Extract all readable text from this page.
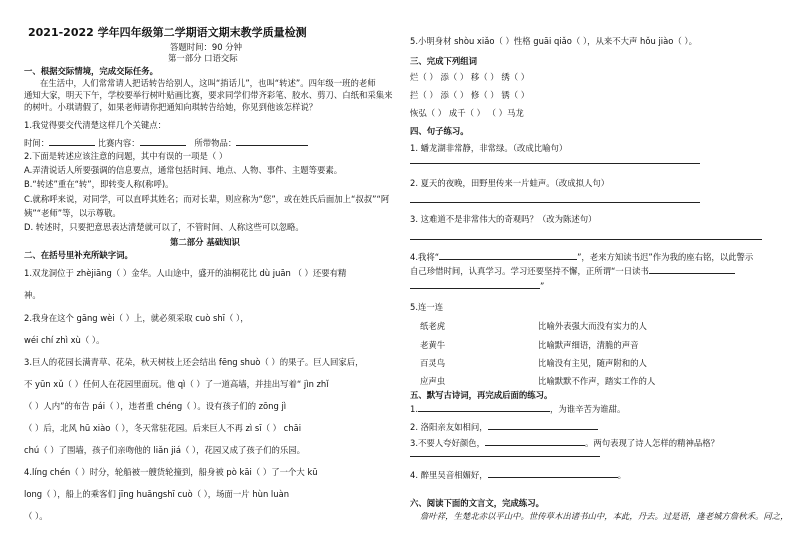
2021-2022 学年四年级第二学期语文期末教学质量检测
答题时间：90 分钟
第一部分 口语交际
一、根据交际情境，完成交际任务。
在生活中，人们常常请人把话转告给别人，这叫“捎话儿”，也叫“转述”。四年级一班的老师
通知大家，明天下午，学校要举行树叶贴画比赛，要求同学们带齐彩笔、胶水、剪刀、白纸和采集来
的树叶。小琪请假了，如果老师请你把通知向琪转告给她，你见到他该怎样说？
1.我觉得要交代清楚这样几个关键点：
时间：	比赛内容：	所带物品：
2.下面是转述应该注意的问题，其中有误的一项是（ ）
A.弄清说话人所要强调的信息要点，通常包括时间、地点、人物、事件、主题等要素。
B.“转述”重在“转”，即转变人称(称呼)。
C.就称呼来说，对同学，可以直呼其姓名；而对长辈，则应称为“您”，或在姓氏后面加上“叔叔”“阿
姨”“老师”等，以示尊敬。
D. 转述时，只要把意思表达清楚就可以了，不管时间、人称这些可以忽略。
第二部分 基础知识
二、在括号里补充所缺字词。
1.双龙洞位于 zhèjiāng（ ）金华。人山途中，盛开的油桐花比 dù juān （ ）还要有精
神。
2.我身在这个 gāng wèi（ ）上，就必须采取 cuò shī（ ），
wéi chí zhì xù（ ）。
3.巨人的花园长满青草、花朵，秋天树枝上还会结出 fēng shuò（ ）的果子。巨人回家后，
不 yūn xǔ（ ）任何人在花园里面玩。他 qì（ ）了一道高墙，并挂出写着“ jìn zhǐ
（ ）人内”的布告 pái（ ），违者重 chéng（ ）。设有孩子们的 zōng jì
（ ）后，北风 hū xiào（ ），冬天常驻花园。后来巨人不再 zì sī（ ） chāi
chú（ ）了围墙，孩子们亲吻他的 liǎn jiá（ ），花园又成了孩子们的乐园。
4.líng chén（ ）时分，轮船被一艘货轮撞到，船身被 pò kāi（ ）了一个大 kū
long（ ），船上的乘客们 jīng huāngshī cuò（ ），场面一片 hùn luàn
（ ）。
5.小明身材 shòu xiǎo（ ）性格 guāi qiǎo（ ），从来不大声 hǒu jiào（ ）。
三、完成下列组词
烂（ ） 添（ ） 移（ ） 绣（ ）
拦（ ） 添（ ） 修（ ） 锈（ ）
恢弘（ ） 成千（ ） （ ）马龙
四、句子练习。
1. 蟠龙湖非常静，非常绿。（改成比喻句）
2. 夏天的夜晚，田野里传来一片蛙声。（改成拟人句）
3. 这难道不是非常伟大的奇观吗？（改为陈述句）
4.我将“	”，老来方知读书迟”作为我的座右铭，以此警示
自己珍惜时间，认真学习。学习还要坚持不懈，正所谓“一日读书
”
5.连一连
纸老虎	比喻外表强大而没有实力的人
老黄牛	比喻默声细语，清脆的声音
百灵鸟	比喻没有主见，随声附和的人
应声虫	比喻默默不作声，踏实工作的人
五、默写古诗词，再完成后面的练习。
1.	，为谁辛苦为谁甜。
2. 洛阳亲友如相问，
3.不要人夸好颜色，	。两句表现了诗人怎样的精神品格？
4. 醉里吴音相媚好，	。
六、阅读下面的文言文，完成练习。
詹叶祥，生楚北赤以平山中。世传草木出诸书山中，本此，丹去。过是语，逢老城方詹秋禾。同之，
